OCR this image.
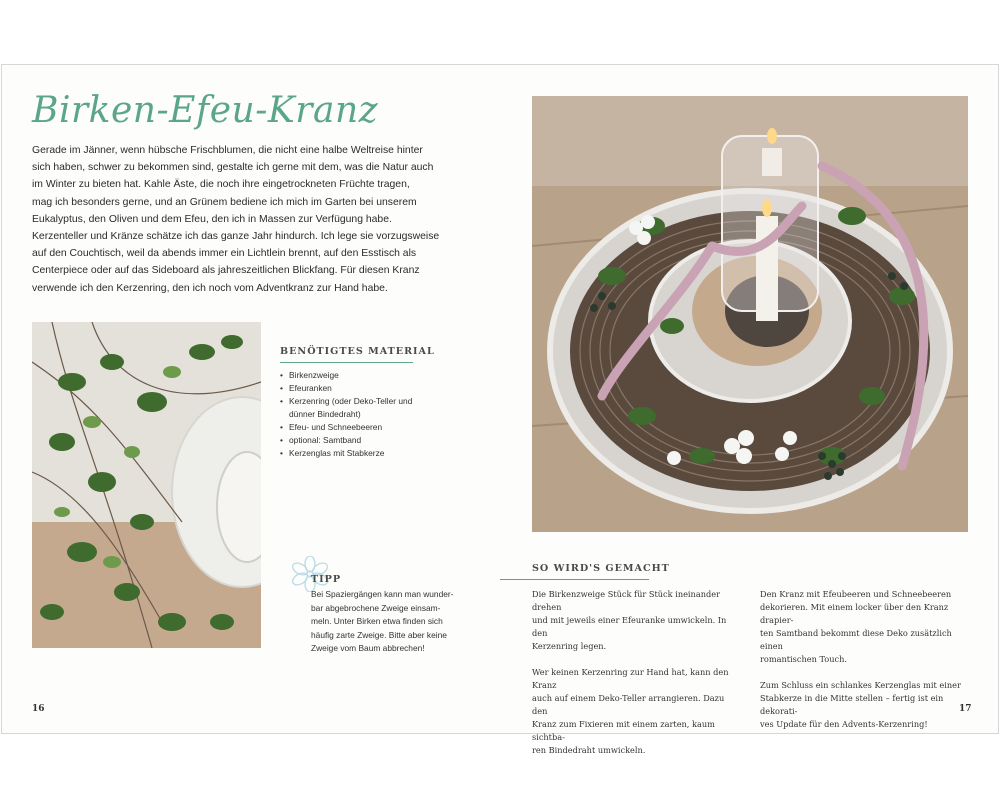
Birken-Efeu-Kranz
Gerade im Jänner, wenn hübsche Frischblumen, die nicht eine halbe Weltreise hinter
sich haben, schwer zu bekommen sind, gestalte ich gerne mit dem, was die Natur auch
im Winter zu bieten hat. Kahle Äste, die noch ihre eingetrockneten Früchte tragen,
mag ich besonders gerne, und an Grünem bediene ich mich im Garten bei unserem
Eukalyptus, den Oliven und dem Efeu, den ich in Massen zur Verfügung habe.
Kerzenteller und Kränze schätze ich das ganze Jahr hindurch. Ich lege sie vorzugsweise
auf den Couchtisch, weil da abends immer ein Lichtlein brennt, auf den Esstisch als
Centerpiece oder auf das Sideboard als jahreszeitlichen Blickfang. Für diesen Kranz
verwende ich den Kerzenring, den ich noch vom Adventkranz zur Hand habe.
BENÖTIGTES MATERIAL
• Birkenzweige
• Efeuranken
• Kerzenring (oder Deko-Teller und dünner Bindedraht)
• Efeu- und Schneebeeren
• optional: Samtband
• Kerzenglas mit Stabkerze
TIPP
Bei Spaziergängen kann man wunder-
bar abgebrochene Zweige einsam-
meln. Unter Birken etwa finden sich
häufig zarte Zweige. Bitte aber keine
Zweige vom Baum abbrechen!
16
SO WIRD'S GEMACHT
Die Birkenzweige Stück für Stück ineinander drehen
und mit jeweils einer Efeuranke umwickeln. In den
Kerzenring legen.

Wer keinen Kerzenring zur Hand hat, kann den Kranz
auch auf einem Deko-Teller arrangieren. Dazu den
Kranz zum Fixieren mit einem zarten, kaum sichtba-
ren Bindedraht umwickeln.
Den Kranz mit Efeubeeren und Schneebeeren
dekorieren. Mit einem locker über den Kranz drapier-
ten Samtband bekommt diese Deko zusätzlich einen
romantischen Touch.

Zum Schluss ein schlankes Kerzenglas mit einer
Stabkerze in die Mitte stellen – fertig ist ein dekorati-
ves Update für den Advents-Kerzenring!
17
